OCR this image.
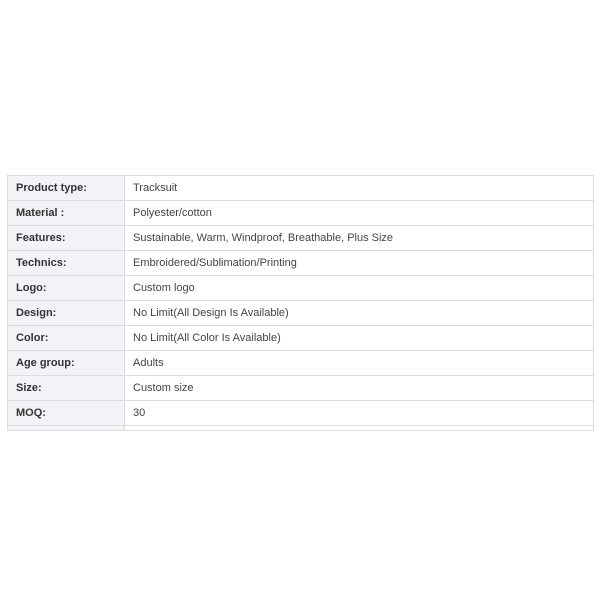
Product type:	Tracksuit
Material :	Polyester/cotton
Features:	Sustainable, Warm, Windproof, Breathable, Plus Size
Technics:	Embroidered/Sublimation/Printing
Logo:	Custom logo
Design:	No Limit(All Design Is Available)
Color:	No Limit(All Color Is Available)
Age group:	Adults
Size:	Custom size
MOQ:	30
